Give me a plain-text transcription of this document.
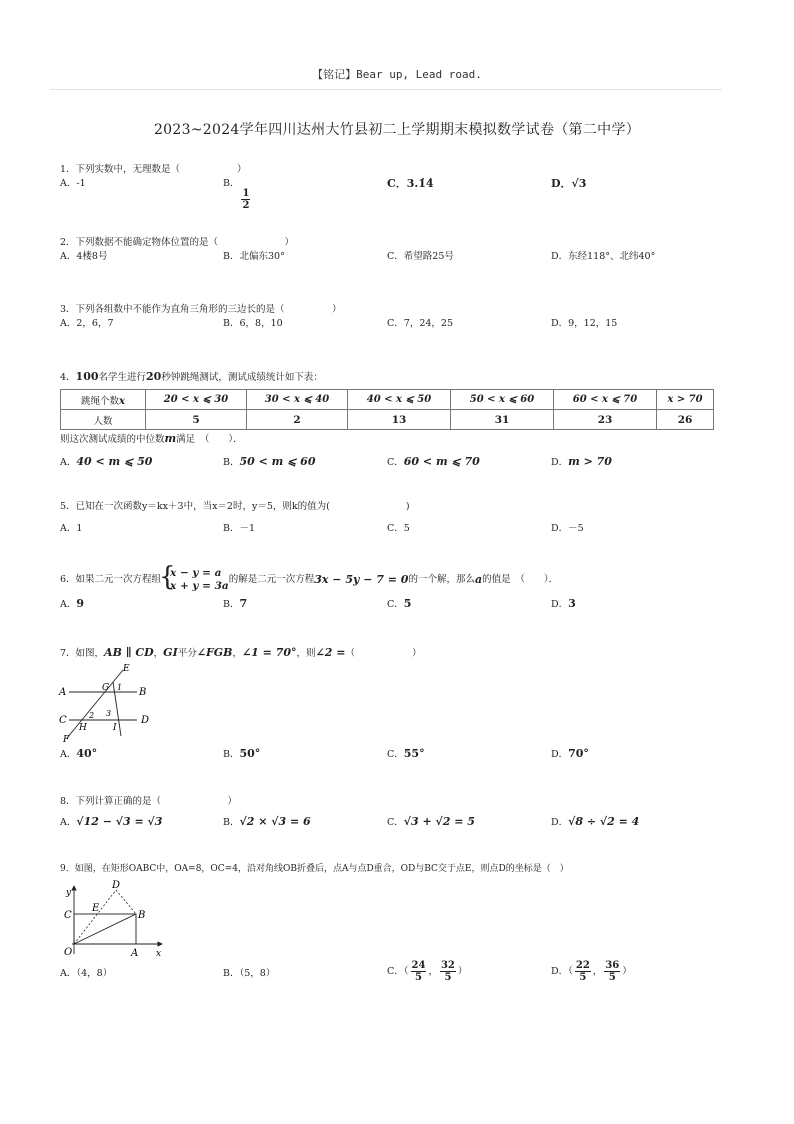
【铭记】Bear up, Lead road.
2023~2024学年四川达州大竹县初二上学期期末模拟数学试卷（第二中学）
1．下列实数中，无理数是（　　　　　　）
A．-1	B．
$\frac{1}{2}$
C．3.1̇4̇	D．√3
2．下列数据不能确定物体位置的是（　　　　　　　）
A．4楼8号	B．北偏东30°	C．希望路25号	D．东经118°、北纬40°
3．下列各组数中不能作为直角三角形的三边长的是（　　　　　）
A．2，6，7	B．6，8，10	C．7，24，25	D．9，12，15
4．100名学生进行20秒钟跳绳测试，测试成绩统计如下表：
跳绳个数x	20 < x ⩽ 30	30 < x ⩽ 40	40 < x ⩽ 50	50 < x ⩽ 60	60 < x ⩽ 70	x > 70
人数	5	2	13	31	23	26
则这次测试成绩的中位数m满足　（　　）．
A．40 < m ⩽ 50	B．50 < m ⩽ 60	C．60 < m ⩽ 70	D．m > 70
5．已知在一次函数y＝kx＋3中，当x＝2时，y＝5，则k的值为(　　　　　　　　)
A．1	B．－1	C．5	D．－5
6．如果二元一次方程组
{ x − y = a
x + y = 3a
的解是二元一次方程 3x − 5y − 7 = 0 的一个解，那么 a 的值是　（　　）．
A．9	B．7	C．5	D．3
7．如图，AB ∥ CD，GI平分∠FGB，∠1 = 70°，则∠2 =（　　　　　　）
A	B
C	D
E
F
G
H	I
1
2 3
A．40°	B．50°	C．55°	D．70°
8．下列计算正确的是（　　　　　　　）
A．√12 − √3 = √3	B．√2 × √3 = 6	C．√3 + √2 = 5	D．√8 ÷ √2 = 4
9．如图，在矩形OABC中，OA=8，OC=4，沿对角线OB折叠后，点A与点D重合，OD与BC交于点E，则点D的坐标是（　）
y
x
O	A
B
C
D
E
A．（4，8）	B．（5，8）	C．（ $\frac{24}{5}$ ， $\frac{32}{5}$ ）	D．（ $\frac{22}{5}$ ， $\frac{36}{5}$ ）
